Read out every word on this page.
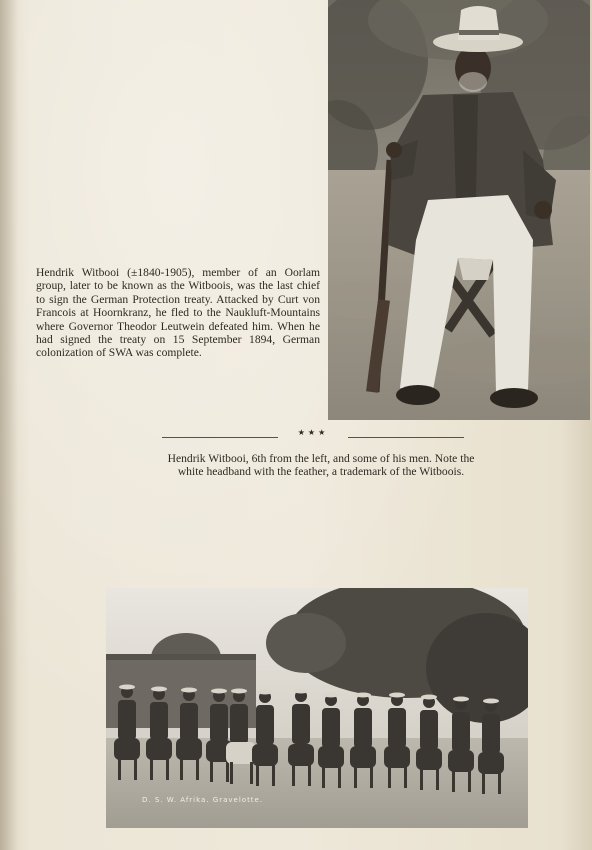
Hendrik Witbooi (±1840-1905), member of an Oorlam group, later to be known as the Witboois, was the last chief to sign the German Protection treaty. Attacked by Curt von Francois at Hoornkranz, he fled to the Naukluft-Mountains where Governor Theodor Leutwein defeated him. When he had signed the treaty on 15 September 1894, German colonization of SWA was complete.

★★★

Hendrik Witbooi, 6th from the left, and some of his men. Note the white headband with the feather, a trademark of the Witboois.

D. S. W. Afrika. Gravelotte.
